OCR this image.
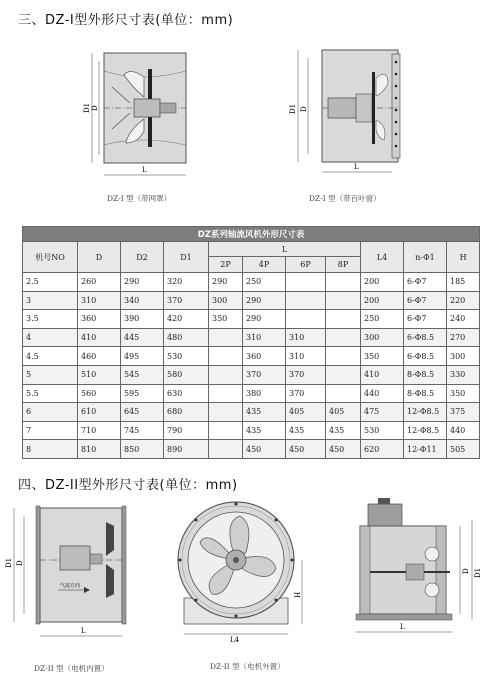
三、DZ-I型外形尺寸表(单位：mm)
D1 D
L
DZ-I 型（带网罩）
D1 D
L
DZ-I 型（带百叶窗）
DZ系列轴流风机外形尺寸表										
机号NO	D	D2	D1	L				L4	n-Φ1	H
				2P	4P	6P	8P			
2.5	260	290	320	290	250			200	6-Φ7	185
3	310	340	370	300	290			200	6-Φ7	220
3.5	360	390	420	350	290			250	6-Φ7	240
4	410	445	480		310	310		300	6-Φ8.5	270
4.5	460	495	530		360	310		350	6-Φ8.5	300
5	510	545	580		370	370		410	8-Φ8.5	330
5.5	560	595	630		380	370		440	8-Φ8.5	350
6	610	645	680		435	405	405	475	12-Φ8.5	375
7	710	745	790		435	435	435	530	12-Φ8.5	440
8	810	850	890		450	450	450	620	12-Φ11	505
四、DZ-II型外形尺寸表(单位：mm)
气流方向
D1 D
L
DZ-II 型（电机内置）
H
L4
DZ-II 型（电机外置）
D1
D
L
